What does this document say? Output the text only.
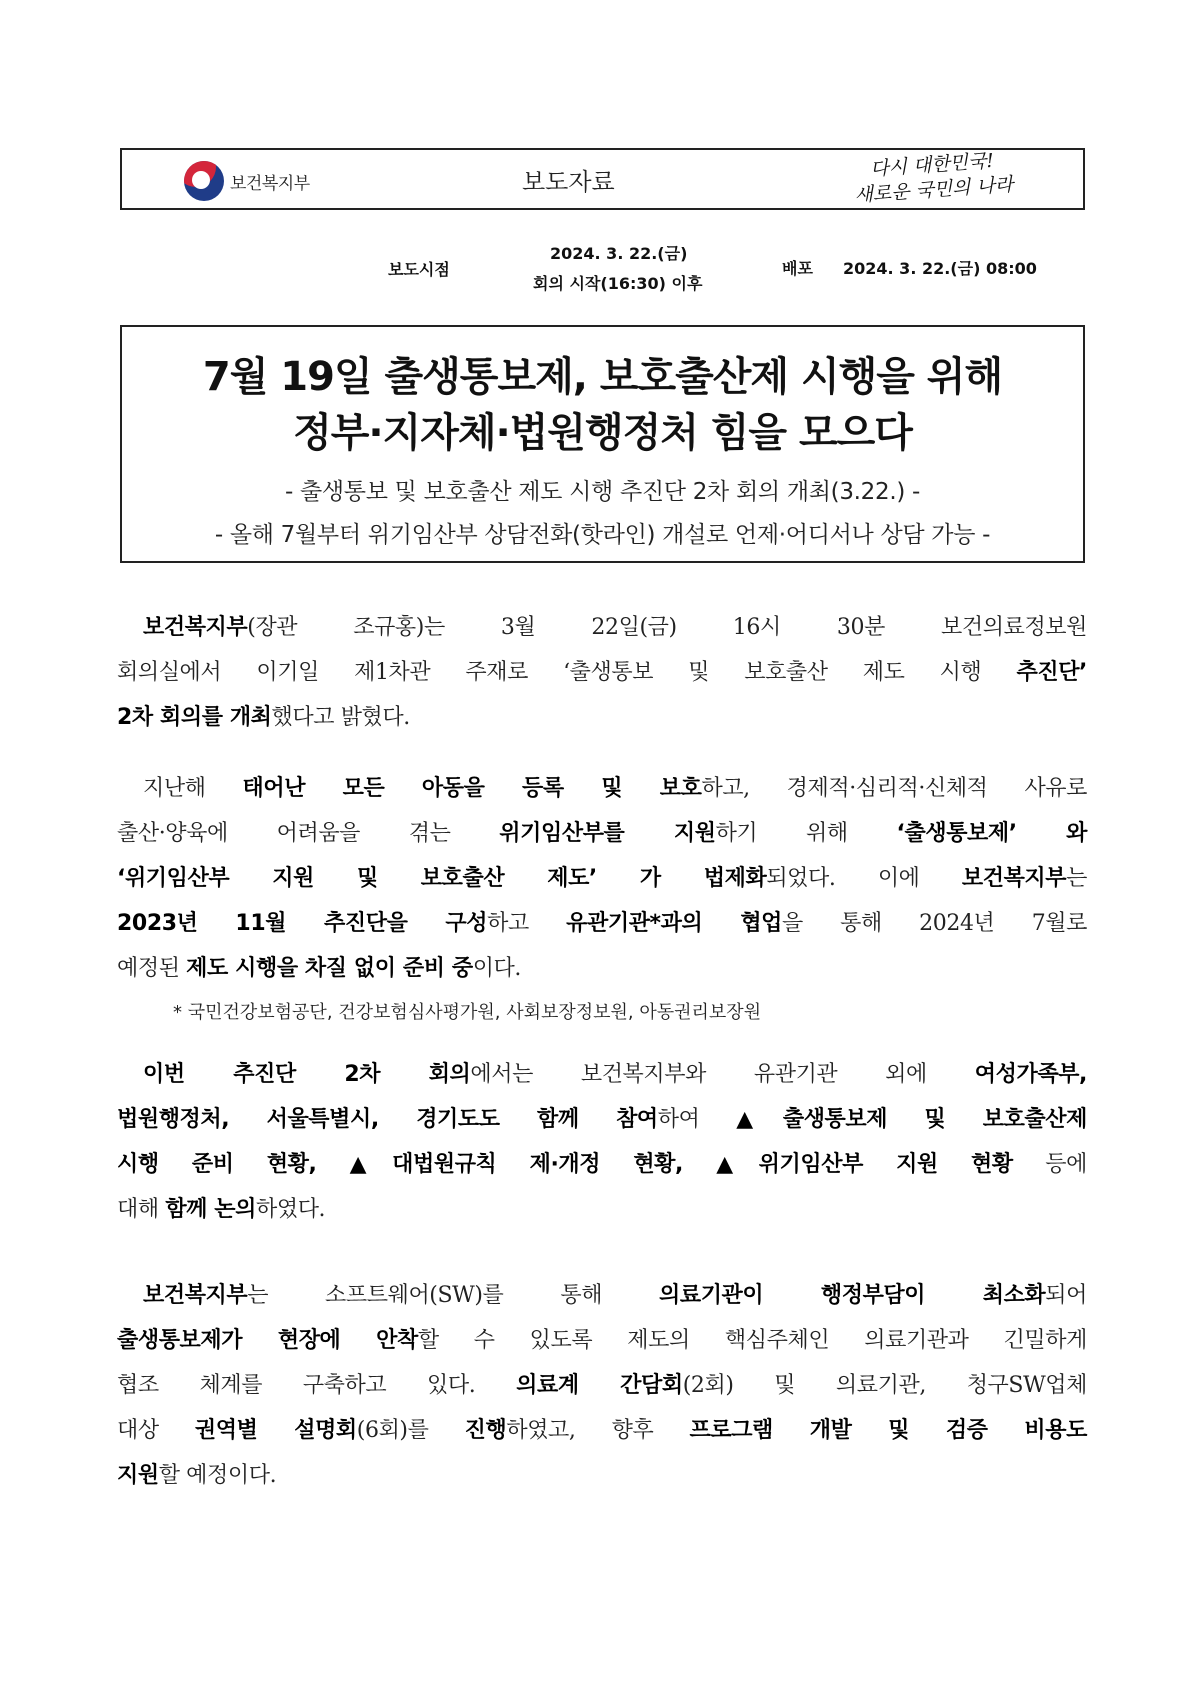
보건복지부	보도자료
다시 대한민국!
새로운 국민의 나라
보도시점
2024. 3. 22.(금)
회의 시작(16:30) 이후
배포 2024. 3. 22.(금) 08:00
7월 19일 출생통보제, 보호출산제 시행을 위해
정부·지자체·법원행정처 힘을 모으다
- 출생통보 및 보호출산 제도 시행 추진단 2차 회의 개최(3.22.) -
- 올해 7월부터 위기임산부 상담전화(핫라인) 개설로 언제·어디서나 상담 가능 -
보건복지부(장관 조규홍)는 3월 22일(금) 16시 30분 보건의료정보원
회의실에서 이기일 제1차관 주재로 ‘출생통보 및 보호출산 제도 시행 추진단’
2차 회의를 개최했다고 밝혔다.
지난해 태어난 모든 아동을 등록 및 보호하고, 경제적·심리적·신체적 사유로
출산·양육에 어려움을 겪는 위기임산부를 지원하기 위해 ‘출생통보제’ 와
‘위기임산부 지원 및 보호출산 제도’ 가 법제화되었다. 이에 보건복지부는
2023년 11월 추진단을 구성하고 유관기관*과의 협업을 통해 2024년 7월로
예정된 제도 시행을 차질 없이 준비 중이다.
* 국민건강보험공단, 건강보험심사평가원, 사회보장정보원, 아동권리보장원
이번 추진단 2차 회의에서는 보건복지부와 유관기관 외에 여성가족부,
법원행정처, 서울특별시, 경기도도 함께 참여하여 ▲출생통보제 및 보호출산제
시행 준비 현황, ▲대법원규칙 제·개정 현황, ▲위기임산부 지원 현황 등에
대해 함께 논의하였다.
보건복지부는 소프트웨어(SW)를 통해 의료기관이 행정부담이 최소화되어
출생통보제가 현장에 안착할 수 있도록 제도의 핵심주체인 의료기관과 긴밀하게
협조 체계를 구축하고 있다. 의료계 간담회(2회) 및 의료기관, 청구SW업체
대상 권역별 설명회(6회)를 진행하였고, 향후 프로그램 개발 및 검증 비용도
지원할 예정이다.
